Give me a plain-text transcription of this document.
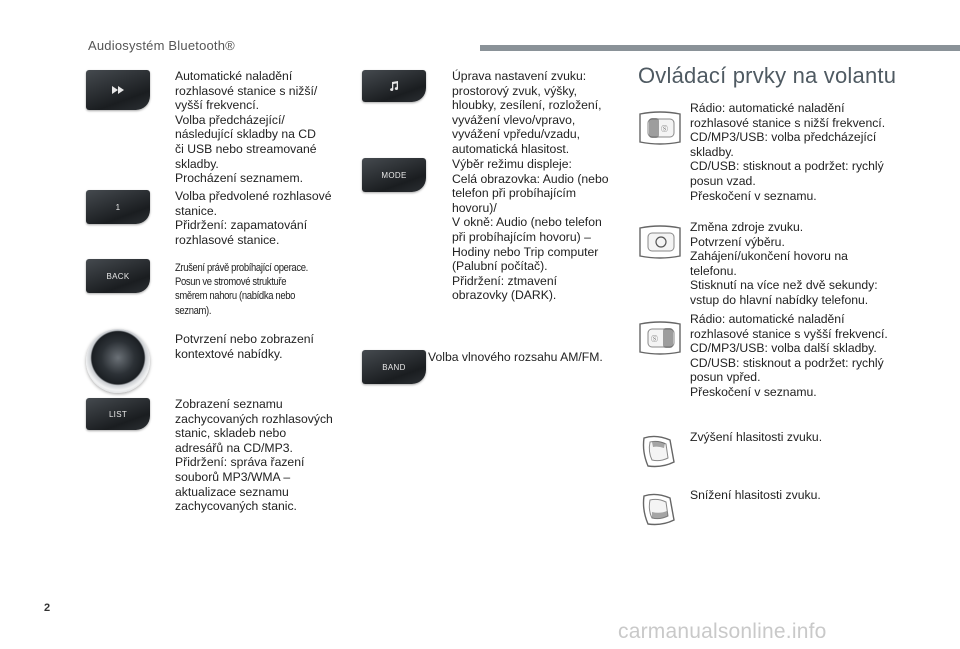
Audiosystém Bluetooth®
Automatické naladění
rozhlasové stanice s nižší/
vyšší frekvencí.
Volba předcházející/
následující skladby na CD
či USB nebo streamované
skladby.
Procházení seznamem.
1
Volba předvolené rozhlasové
stanice.
Přidržení: zapamatování
rozhlasové stanice.
BACK
Zrušení právě probíhající operace.
Posun ve stromové struktuře
směrem nahoru (nabídka nebo
seznam).
Potvrzení nebo zobrazení
kontextové nabídky.
LIST
Zobrazení seznamu
zachycovaných rozhlasových
stanic, skladeb nebo
adresářů na CD/MP3.
Přidržení: správa řazení
souborů MP3/WMA –
aktualizace seznamu
zachycovaných stanic.
Úprava nastavení zvuku:
prostorový zvuk, výšky,
hloubky, zesílení, rozložení,
vyvážení vlevo/vpravo,
vyvážení vpředu/vzadu,
automatická hlasitost.
MODE
Výběr režimu displeje:
Celá obrazovka: Audio (nebo
telefon při probíhajícím
hovoru)/
V okně: Audio (nebo telefon
při probíhajícím hovoru) –
Hodiny nebo Trip computer
(Palubní počítač).
Přidržení: ztmavení
obrazovky (DARK).
BAND
Volba vlnového rozsahu AM/FM.
Ovládací prvky na volantu
Ⓢ
Rádio: automatické naladění
rozhlasové stanice s nižší frekvencí.
CD/MP3/USB: volba předcházející
skladby.
CD/USB: stisknout a podržet: rychlý
posun vzad.
Přeskočení v seznamu.
Změna zdroje zvuku.
Potvrzení výběru.
Zahájení/ukončení hovoru na
telefonu.
Stisknutí na více než dvě sekundy:
vstup do hlavní nabídky telefonu.
Ⓢ
Rádio: automatické naladění
rozhlasové stanice s vyšší frekvencí.
CD/MP3/USB: volba další skladby.
CD/USB: stisknout a podržet: rychlý
posun vpřed.
Přeskočení v seznamu.
Zvýšení hlasitosti zvuku.
Snížení hlasitosti zvuku.
2
carmanualsonline.info
